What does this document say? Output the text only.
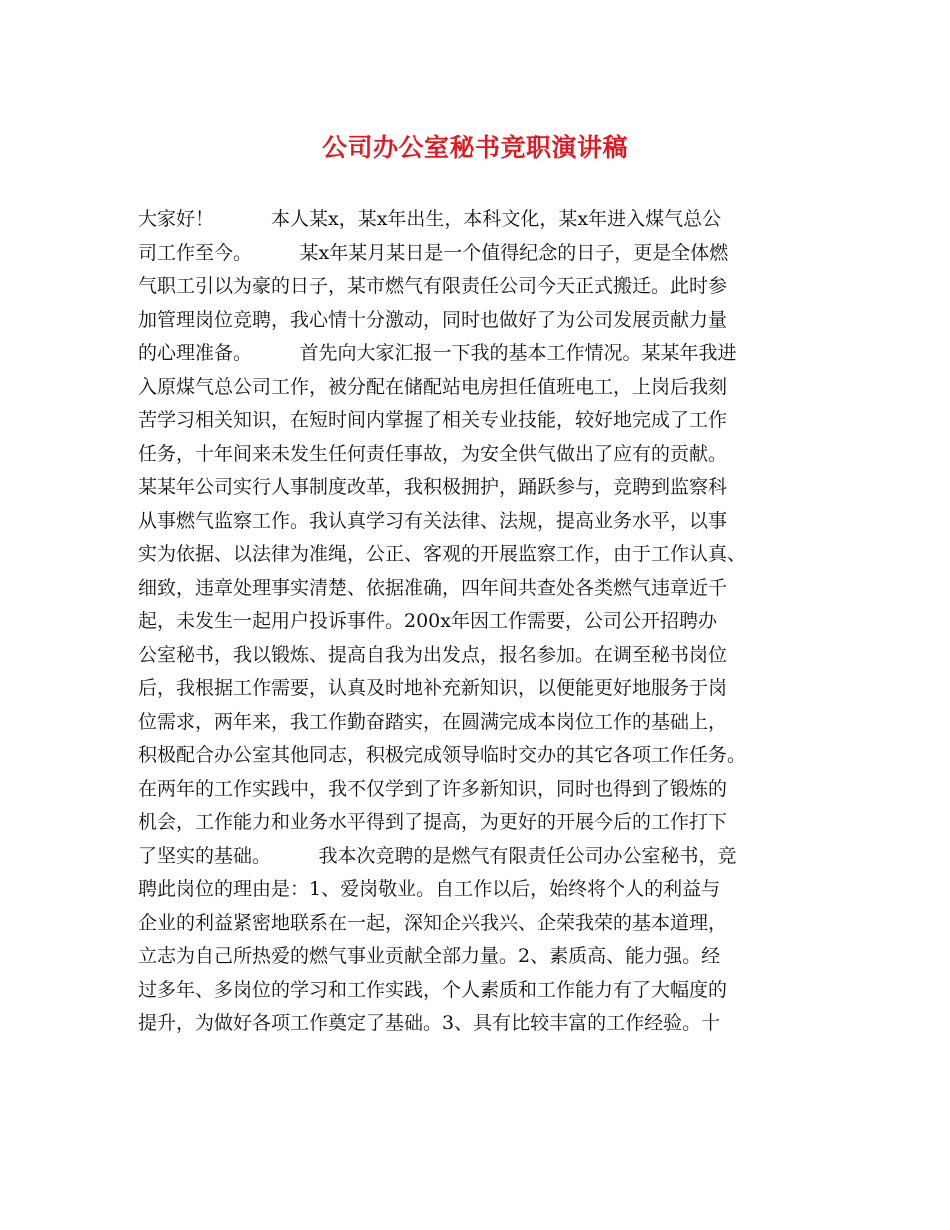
公司办公室秘书竞职演讲稿
大家好！　　　本人某x，某x年出生，本科文化，某x年进入煤气总公
司工作至今。　　　某x年某月某日是一个值得纪念的日子，更是全体燃
气职工引以为豪的日子，某市燃气有限责任公司今天正式搬迁。此时参
加管理岗位竞聘，我心情十分激动，同时也做好了为公司发展贡献力量
的心理准备。　　　首先向大家汇报一下我的基本工作情况。某某年我进
入原煤气总公司工作，被分配在储配站电房担任值班电工，上岗后我刻
苦学习相关知识，在短时间内掌握了相关专业技能，较好地完成了工作
任务，十年间来未发生任何责任事故，为安全供气做出了应有的贡献。
某某年公司实行人事制度改革，我积极拥护，踊跃参与，竞聘到监察科
从事燃气监察工作。我认真学习有关法律、法规，提高业务水平，以事
实为依据、以法律为准绳，公正、客观的开展监察工作，由于工作认真、
细致，违章处理事实清楚、依据准确，四年间共查处各类燃气违章近千
起，未发生一起用户投诉事件。200x年因工作需要，公司公开招聘办
公室秘书，我以锻炼、提高自我为出发点，报名参加。在调至秘书岗位
后，我根据工作需要，认真及时地补充新知识，以便能更好地服务于岗
位需求，两年来，我工作勤奋踏实，在圆满完成本岗位工作的基础上，
积极配合办公室其他同志，积极完成领导临时交办的其它各项工作任务。
在两年的工作实践中，我不仅学到了许多新知识，同时也得到了锻炼的
机会，工作能力和业务水平得到了提高，为更好的开展今后的工作打下
了坚实的基础。　　　我本次竞聘的是燃气有限责任公司办公室秘书，竞
聘此岗位的理由是：1、爱岗敬业。自工作以后，始终将个人的利益与
企业的利益紧密地联系在一起，深知企兴我兴、企荣我荣的基本道理，
立志为自己所热爱的燃气事业贡献全部力量。2、素质高、能力强。经
过多年、多岗位的学习和工作实践，个人素质和工作能力有了大幅度的
提升，为做好各项工作奠定了基础。3、具有比较丰富的工作经验。十
